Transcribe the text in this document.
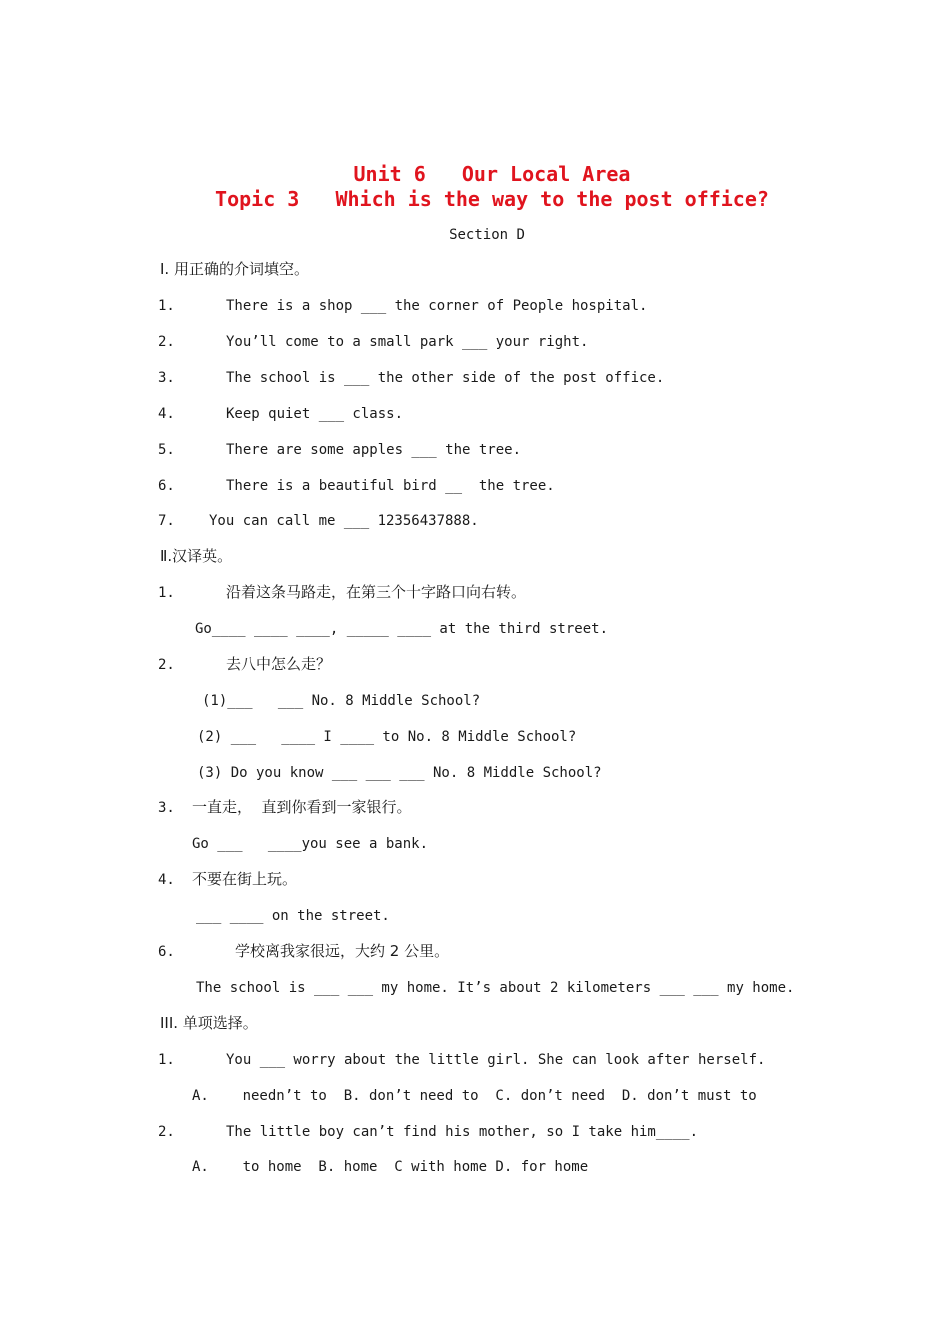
Unit 6   Our Local Area
Topic 3   Which is the way to the post office?
Section D
Ⅰ. 用正确的介词填空。
1.	There is a shop ___ the corner of People hospital.
2.	You’ll come to a small park ___ your right.
3.	The school is ___ the other side of the post office.
4.	Keep quiet ___ class.
5.	There are some apples ___ the tree.
6.	There is a beautiful bird __  the tree.
7. You can call me ___ 12356437888.
Ⅱ.汉译英。
1.	沿着这条马路走，在第三个十字路口向右转。
Go____ ____ ____, _____ ____ at the third street.
2.	去八中怎么走？
(1)___   ___ No. 8 Middle School?
(2) ___   ____ I ____ to No. 8 Middle School?
(3) Do you know ___ ___ ___ No. 8 Middle School?
3. 一直走，  直到你看到一家银行。
Go ___   ____you see a bank.
4. 不要在街上玩。
___ ____ on the street.
6.	学校离我家很远，大约 2 公里。
The school is ___ ___ my home. It’s about 2 kilometers ___ ___ my home.
III. 单项选择。
1.	You ___ worry about the little girl. She can look after herself.
A.    needn’t to  B. don’t need to  C. don’t need  D. don’t must to
2.	The little boy can’t find his mother, so I take him____.
A.    to home  B. home  C with home D. for home
